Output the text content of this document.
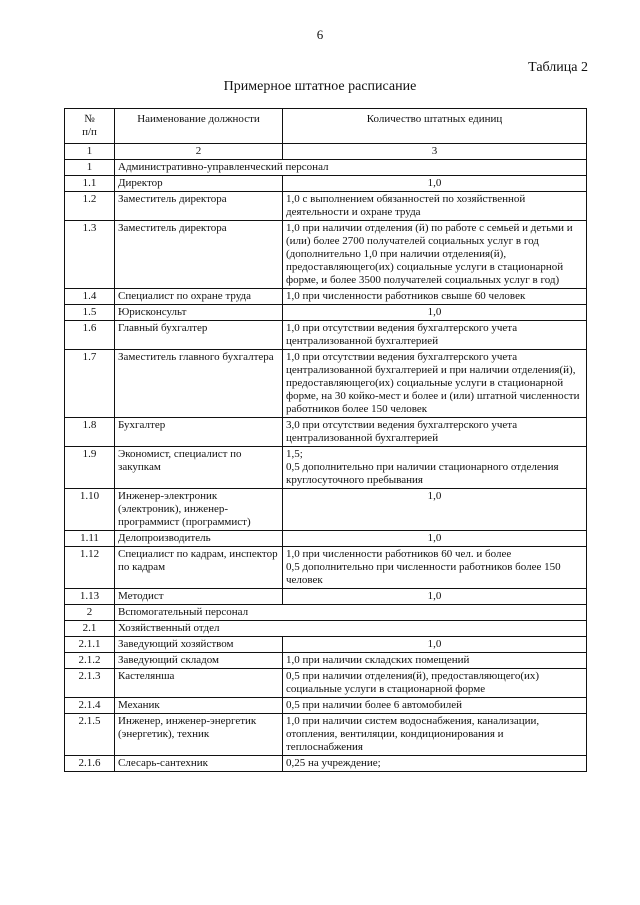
6
Таблица 2
Примерное штатное расписание
№
п/п	Наименование должности	Количество штатных единиц
1	2	3
1	Административно-управленческий персонал	
1.1	Директор	1,0
1.2	Заместитель директора	1,0 с выполнением обязанностей по хозяйственной деятельности и охране труда
1.3	Заместитель директора	1,0 при наличии отделения (й) по работе с семьей и детьми и (или) более 2700 получателей социальных услуг в год (дополнительно 1,0 при наличии отделения(й), предоставляющего(их) социальные услуги в стационарной форме, и более 3500 получателей социальных услуг в год)
1.4	Специалист по охране труда	1,0 при численности работников свыше 60 человек
1.5	Юрисконсульт	1,0
1.6	Главный бухгалтер	1,0 при отсутствии ведения бухгалтерского учета централизованной бухгалтерией
1.7	Заместитель главного бухгалтера	1,0 при отсутствии ведения бухгалтерского учета централизованной бухгалтерией и при наличии отделения(й), предоставляющего(их) социальные услуги в стационарной форме, на 30 койко-мест и более и (или) штатной численности работников более 150 человек
1.8	Бухгалтер	3,0 при отсутствии ведения бухгалтерского учета централизованной бухгалтерией
1.9	Экономист, специалист по закупкам	1,5;
0,5 дополнительно при наличии стационарного отделения круглосуточного пребывания
1.10	Инженер-электроник (электроник), инженер-программист (программист)	1,0
1.11	Делопроизводитель	1,0
1.12	Специалист по кадрам, инспектор по кадрам	1,0 при численности работников 60 чел. и более
0,5 дополнительно при численности работников более 150 человек
1.13	Методист	1,0
2	Вспомогательный персонал	
2.1	Хозяйственный отдел	
2.1.1	Заведующий хозяйством	1,0
2.1.2	Заведующий складом	1,0 при наличии складских помещений
2.1.3	Кастелянша	0,5 при наличии отделения(й), предоставляющего(их) социальные услуги в стационарной форме
2.1.4	Механик	0,5 при наличии более 6 автомобилей
2.1.5	Инженер, инженер-энергетик (энергетик), техник	1,0 при наличии систем водоснабжения, канализации, отопления, вентиляции, кондиционирования и теплоснабжения
2.1.6	Слесарь-сантехник	0,25 на учреждение;
